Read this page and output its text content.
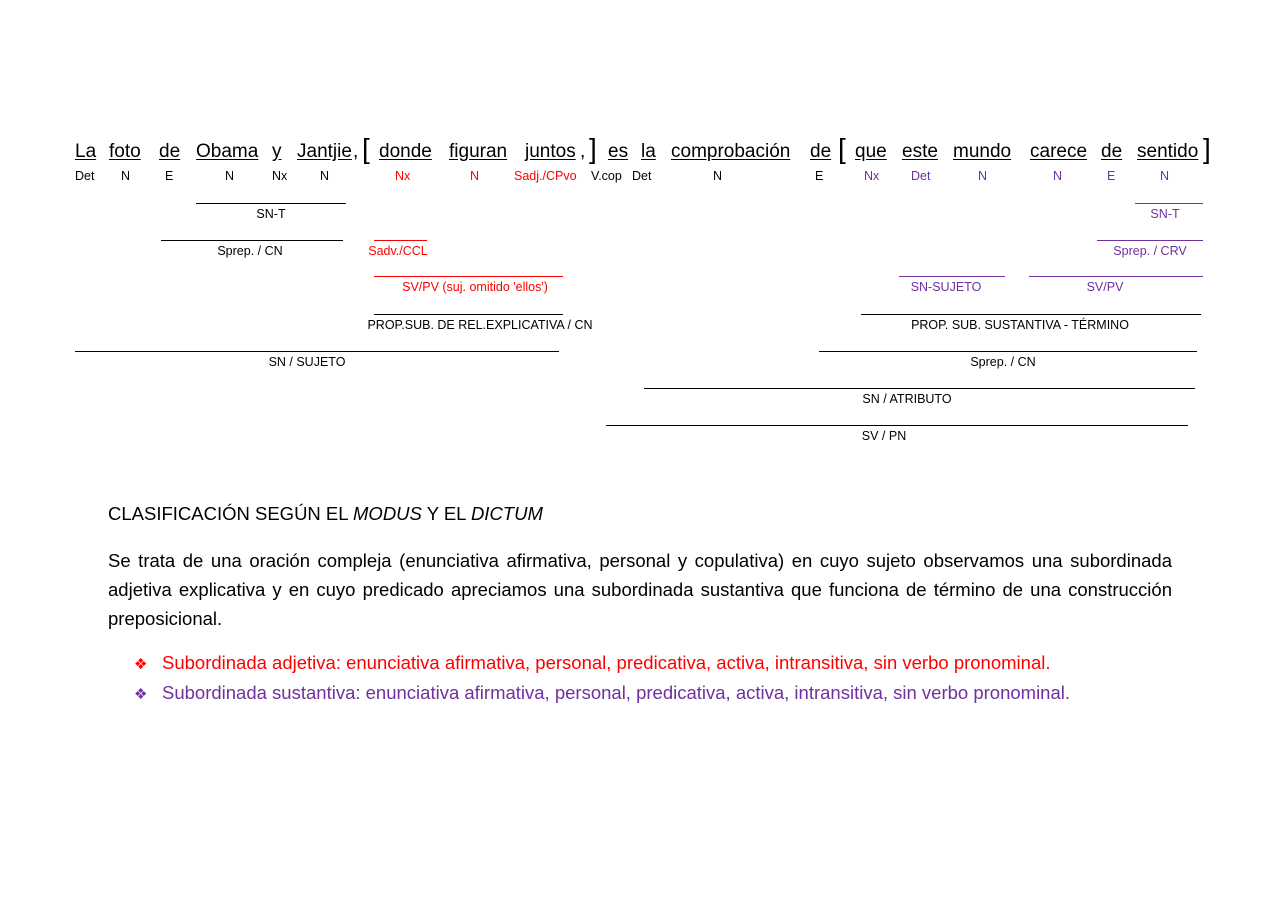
La foto de Obama y Jantjie , [ donde figuran juntos , ] es la comprobación de [ que este mundo carece de sentido ]
Det N	E	N	Nx	N	Nx	N	Sadj./CPvo V.cop Det	N	E	Nx	Det	N	N	E	N
SN-T
Sprep. / CN	Sadv./CCL
SV/PV (suj. omitido 'ellos')
PROP.SUB. DE REL.EXPLICATIVA / CN
SN / SUJETO
SN-T
Sprep. / CRV
SN-SUJETO	SV/PV
PROP. SUB. SUSTANTIVA - TÉRMINO
Sprep. / CN
SN / ATRIBUTO
SV / PN
CLASIFICACIÓN SEGÚN EL MODUS Y EL DICTUM

Se trata de una oración compleja (enunciativa afirmativa, personal y copulativa) en cuyo sujeto observamos una subordinada adjetiva explicativa y en cuyo predicado apreciamos una subordinada sustantiva que funciona de término de una construcción preposicional.

❖ Subordinada adjetiva: enunciativa afirmativa, personal, predicativa, activa, intransitiva, sin verbo pronominal.
❖ Subordinada sustantiva: enunciativa afirmativa, personal, predicativa, activa, intransitiva, sin verbo pronominal.
